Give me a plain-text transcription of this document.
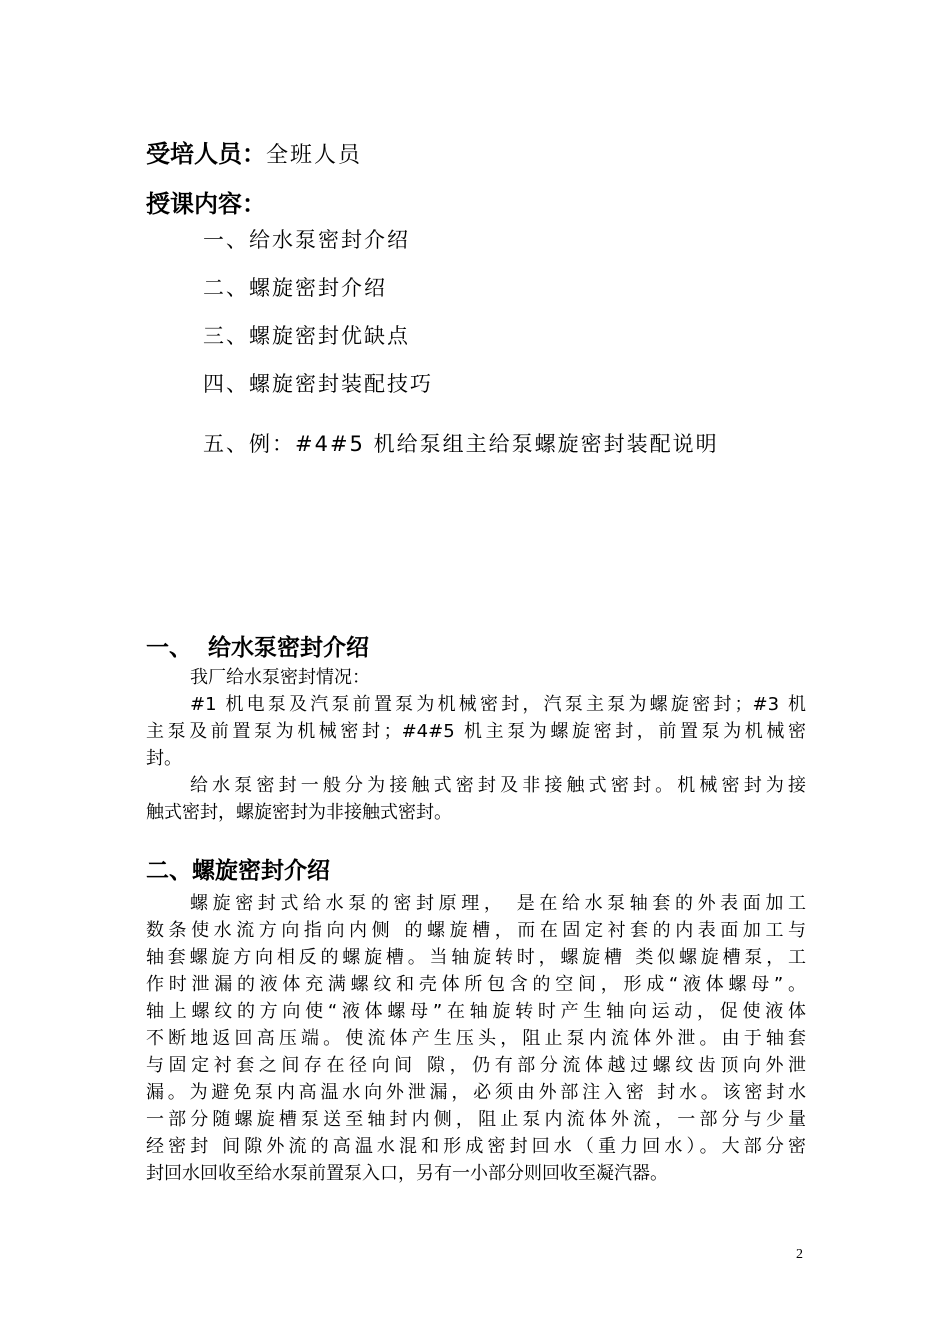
受培人员：全班人员
授课内容：
一、给水泵密封介绍
二、螺旋密封介绍
三、螺旋密封优缺点
四、螺旋密封装配技巧
五、例：#4#5 机给泵组主给泵螺旋密封装配说明
一、 给水泵密封介绍
我厂给水泵密封情况：
#1 机电泵及汽泵前置泵为机械密封，汽泵主泵为螺旋密封；#3 机
主泵及前置泵为机械密封；#4#5 机主泵为螺旋密封，前置泵为机械密
封。
给水泵密封一般分为接触式密封及非接触式密封。机械密封为接
触式密封，螺旋密封为非接触式密封。
二、螺旋密封介绍
螺旋密封式给水泵的密封原理， 是在给水泵轴套的外表面加工
数条使水流方向指向内侧 的螺旋槽，而在固定衬套的内表面加工与
轴套螺旋方向相反的螺旋槽。当轴旋转时，螺旋槽 类似螺旋槽泵，工
作时泄漏的液体充满螺纹和壳体所包含的空间，形成“液体螺母”。
轴上螺纹的方向使“液体螺母”在轴旋转时产生轴向运动，促使液体
不断地返回高压端。使流体产生压头，阻止泵内流体外泄。由于轴套
与固定衬套之间存在径向间 隙，仍有部分流体越过螺纹齿顶向外泄
漏。为避免泵内高温水向外泄漏，必须由外部注入密 封水。该密封水
一部分随螺旋槽泵送至轴封内侧，阻止泵内流体外流，一部分与少量
经密封 间隙外流的高温水混和形成密封回水（重力回水）。大部分密
封回水回收至给水泵前置泵入口，另有一小部分则回收至凝汽器。
2
